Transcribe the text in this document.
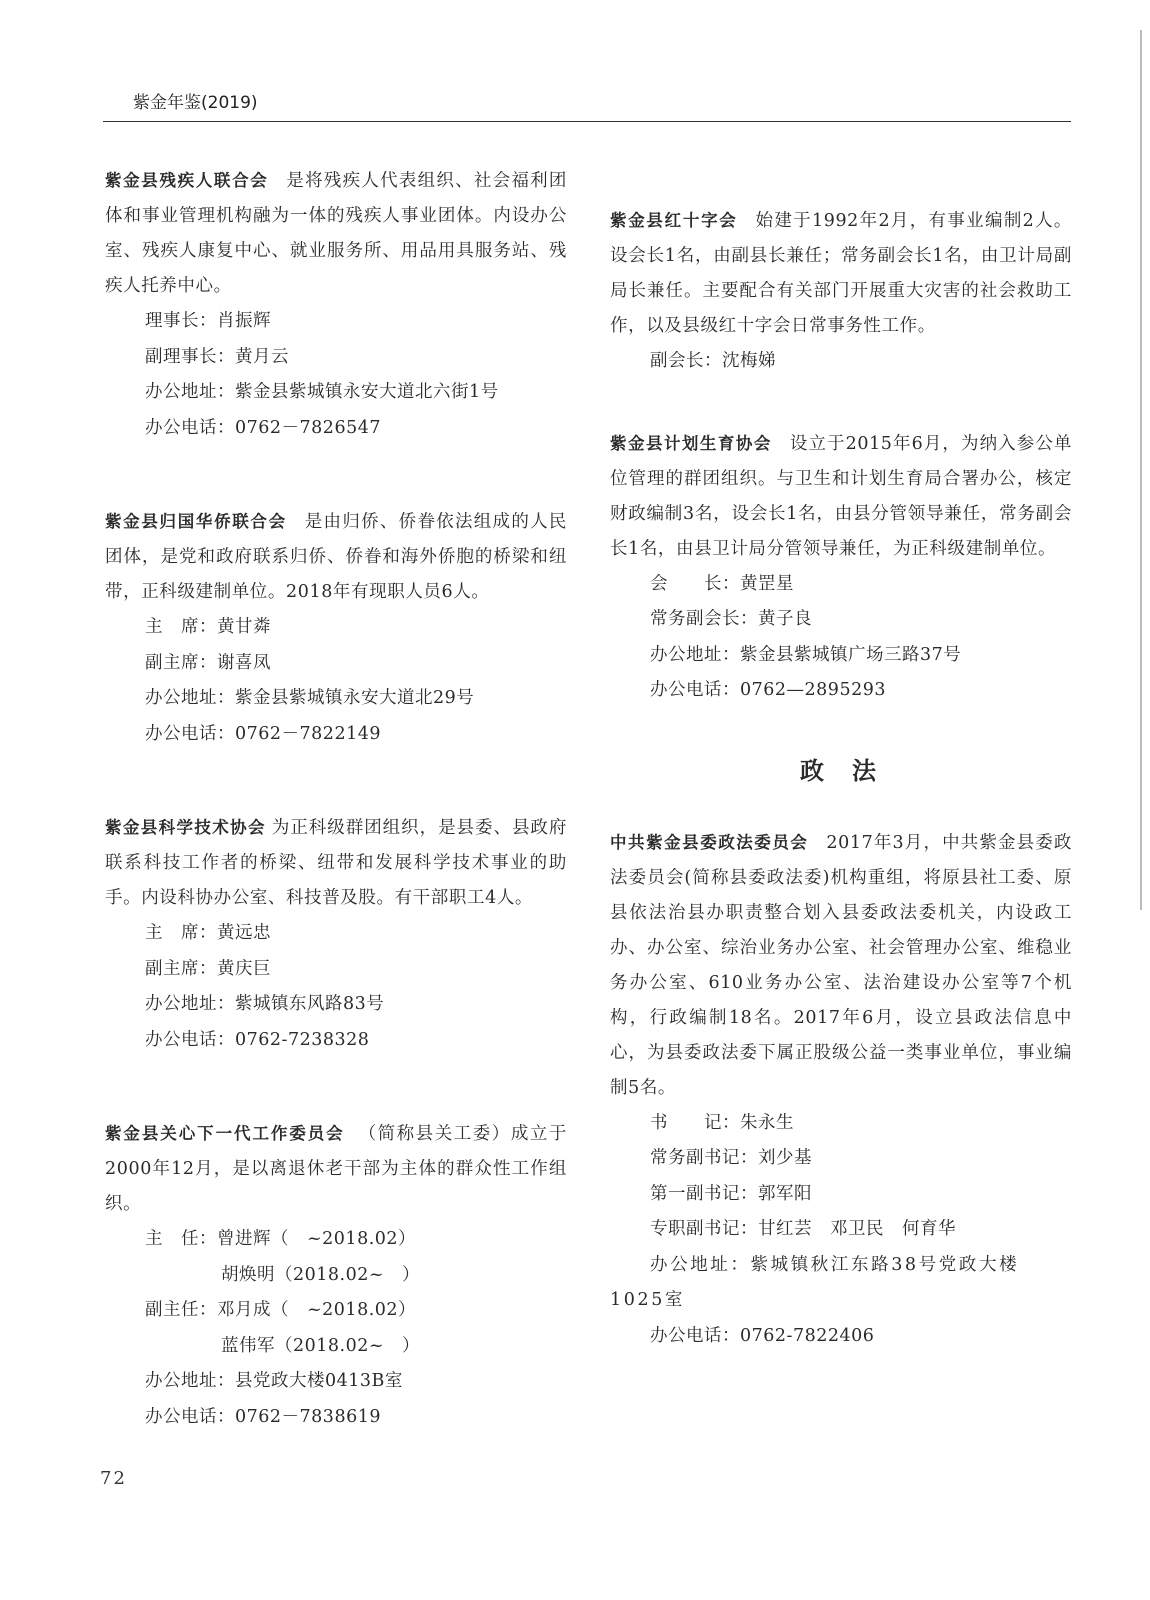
紫金年鉴(2019)

紫金县残疾人联合会 是将残疾人代表组织、社会福利团体和事业管理机构融为一体的残疾人事业团体。内设办公室、残疾人康复中心、就业服务所、用品用具服务站、残疾人托养中心。

理事长：肖振辉
副理事长：黄月云
办公地址：紫金县紫城镇永安大道北六街1号
办公电话：0762－7826547

紫金县归国华侨联合会 是由归侨、侨眷依法组成的人民团体，是党和政府联系归侨、侨眷和海外侨胞的桥梁和纽带，正科级建制单位。2018年有现职人员6人。

主　席：黄甘粦
副主席：谢喜凤
办公地址：紫金县紫城镇永安大道北29号
办公电话：0762－7822149

紫金县科学技术协会 为正科级群团组织，是县委、县政府联系科技工作者的桥梁、纽带和发展科学技术事业的助手。内设科协办公室、科技普及股。有干部职工4人。

主　席：黄远忠
副主席：黄庆巨
办公地址：紫城镇东风路83号
办公电话：0762-7238328

紫金县关心下一代工作委员会 （简称县关工委）成立于2000年12月，是以离退休老干部为主体的群众性工作组织。

主　任：曾进辉（　~2018.02）
胡焕明（2018.02~　）
副主任：邓月成（　~2018.02）
蓝伟军（2018.02~　）
办公地址：县党政大楼0413B室
办公电话：0762－7838619

紫金县红十字会 始建于1992年2月，有事业编制2人。设会长1名，由副县长兼任；常务副会长1名，由卫计局副局长兼任。主要配合有关部门开展重大灾害的社会救助工作，以及县级红十字会日常事务性工作。

副会长：沈梅娣

紫金县计划生育协会 设立于2015年6月，为纳入参公单位管理的群团组织。与卫生和计划生育局合署办公，核定财政编制3名，设会长1名，由县分管领导兼任，常务副会长1名，由县卫计局分管领导兼任，为正科级建制单位。

会　　长：黄罡星
常务副会长：黄子良
办公地址：紫金县紫城镇广场三路37号
办公电话：0762—2895293
政法

中共紫金县委政法委员会 2017年3月，中共紫金县委政法委员会(简称县委政法委)机构重组，将原县社工委、原县依法治县办职责整合划入县委政法委机关，内设政工办、办公室、综治业务办公室、社会管理办公室、维稳业务办公室、610业务办公室、法治建设办公室等7个机构，行政编制18名。2017年6月，设立县政法信息中心，为县委政法委下属正股级公益一类事业单位，事业编制5名。

书　　记：朱永生
常务副书记：刘少基
第一副书记：郭军阳
专职副书记：甘红芸　邓卫民　何育华
办公地址：紫城镇秋江东路38号党政大楼1025室
办公电话：0762-7822406
72
